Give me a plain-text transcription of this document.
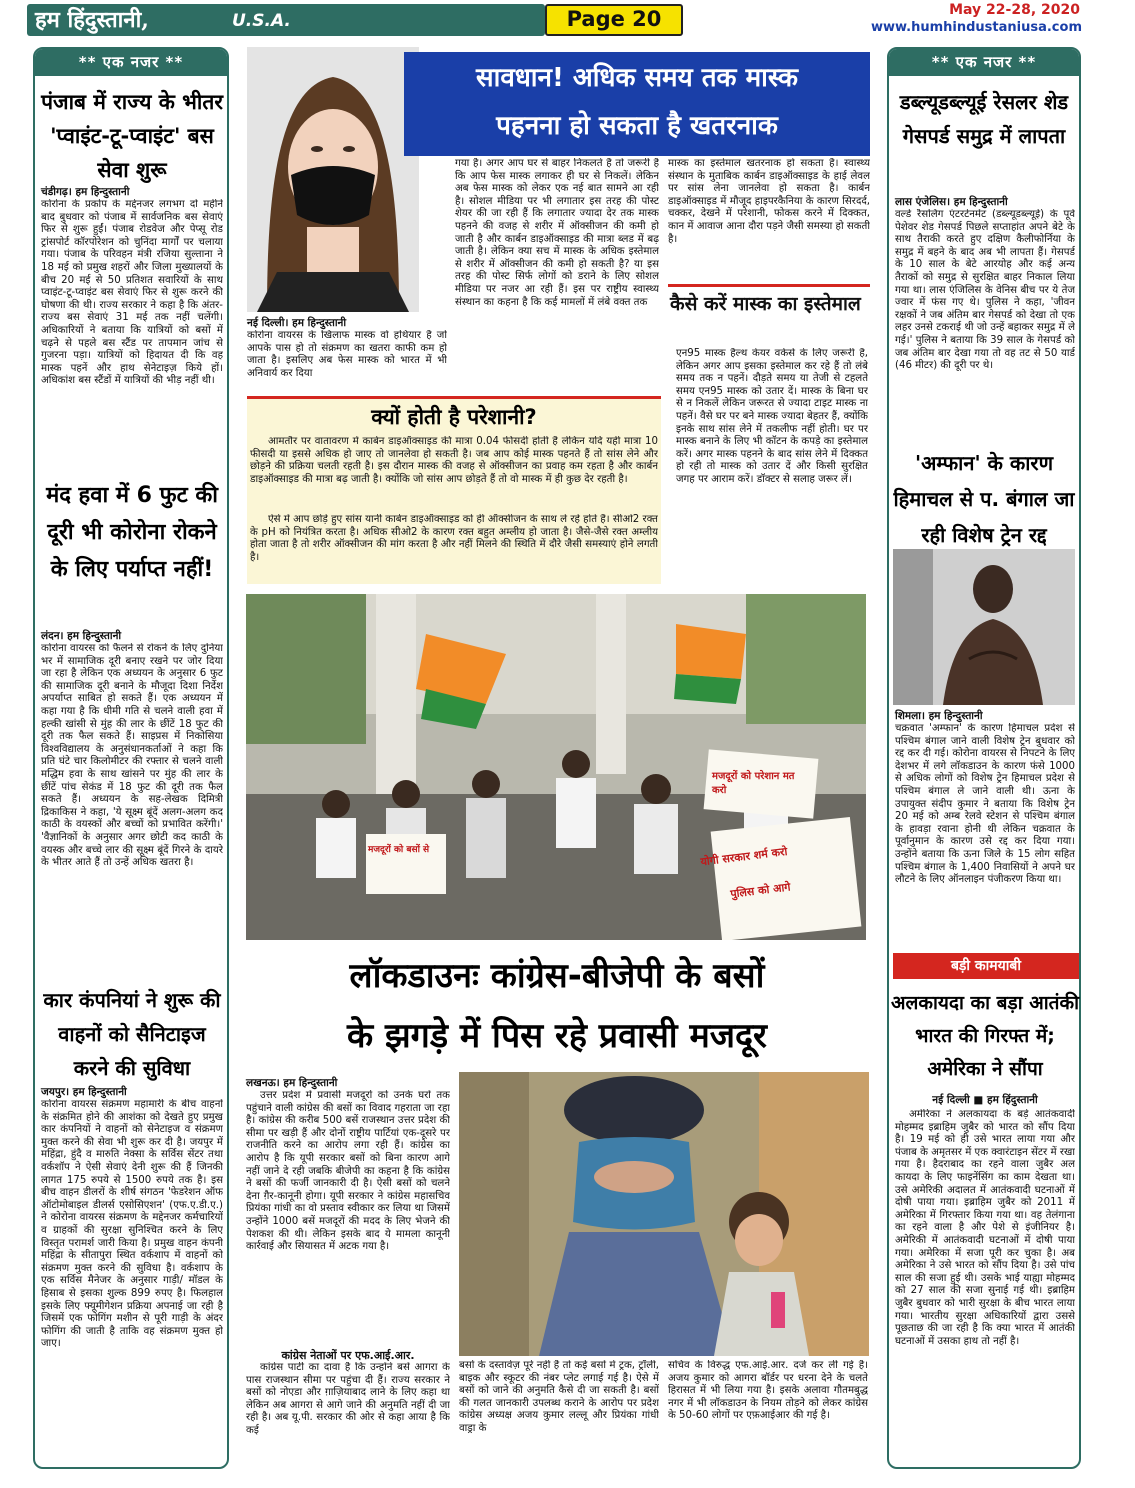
हम हिंदुस्तानी,	U.S.A.	Page 20	May 22-28, 2020
www.humhindustaniusa.com
** एक नजर **
पंजाब में राज्य के भीतर 'प्वाइंट-टू-प्वाइंट' बस सेवा शुरू
चंडीगढ़। हम हिन्दुस्तानी
कोरोना के प्रकोप के मद्देनजर लगभग दो महीने बाद बुधवार को पंजाब में सार्वजनिक बस सेवाएं फिर से शुरू हुईं। पंजाब रोडवेज और पेप्सू रोड ट्रांसपोर्ट कॉरपोरेशन को चुनिंदा मार्गों पर चलाया गया। पंजाब के परिवहन मंत्री रजिया सुल्ताना ने 18 मई को प्रमुख शहरों और जिला मुख्यालयों के बीच 20 मई से 50 प्रतिशत सवारियों के साथ प्वाइंट-टू-प्वाइंट बस सेवाएं फिर से शुरू करने की घोषणा की थी। राज्य सरकार ने कहा है कि अंतर-राज्य बस सेवाएं 31 मई तक नहीं चलेंगी। अधिकारियों ने बताया कि यात्रियों को बसों में चढ़ने से पहले बस स्टैंड पर तापमान जांच से गुजरना पड़ा। यात्रियों को हिदायत दी कि वह मास्क पहनें और हाथ सेनेटाइज़ किये हों। अधिकांश बस स्टैंडों में यात्रियों की भीड़ नहीं थी।
मंद हवा में 6 फुट की दूरी भी कोरोना रोकने के लिए पर्याप्त नहीं!
लंदन। हम हिन्दुस्तानी
कोरोना वायरस को फैलने से रोकने के लिए दुनिया भर में सामाजिक दूरी बनाए रखने पर जोर दिया जा रहा है लेकिन एक अध्ययन के अनुसार 6 फुट की सामाजिक दूरी बनाने के मौजूदा दिशा निर्देश अपर्याप्त साबित हो सकते हैं। एक अध्ययन में कहा गया है कि धीमी गति से चलने वाली हवा में हल्की खांसी से मुंह की लार के छींटें 18 फुट की दूरी तक फैल सकते हैं। साइप्रस में निकोसिया विश्वविद्यालय के अनुसंधानकर्ताओं ने कहा कि प्रति घंटे चार किलोमीटर की रफ्तार से चलने वाली मद्धिम हवा के साथ खांसने पर मुंह की लार के छींटें पांच सेकंड में 18 फुट की दूरी तक फैल सकते हैं। अध्ययन के सह-लेखक दिमित्री द्रिकाकिस ने कहा, 'ये सूक्ष्म बूंदें अलग-अलग कद काठी के वयस्कों और बच्चों को प्रभावित करेंगी।' 'वैज्ञानिकों के अनुसार अगर छोटी कद काठी के वयस्क और बच्चे लार की सूक्ष्म बूंदें गिरने के दायरे के भीतर आते हैं तो उन्हें अधिक खतरा है।
कार कंपनियां ने शुरू की वाहनों को सैनिटाइज करने की सुविधा
जयपुर। हम हिन्दुस्तानी
कोरोना वायरस संक्रमण महामारी के बीच वाहनों के संक्रमित होने की आशंका को देखते हुए प्रमुख कार कंपनियों ने वाहनों को सेनेटाइज व संक्रमण मुक्त करने की सेवा भी शुरू कर दी है। जयपुर में महिंद्रा, हुंदै व मारुति नेक्सा के सर्विस सेंटर तथा वर्कशॉप ने ऐसी सेवाएं देनी शुरू की हैं जिनकी लागत 175 रुपये से 1500 रुपये तक है। इस बीच वाहन डीलरों के शीर्ष संगठन 'फेडरेशन ऑफ ऑटोमोबाइल डीलर्स एसोसिएशन' (एफ.ए.डी.ए.) ने कोरोना वायरस संक्रमण के मद्देनजर कर्मचारियों व ग्राहकों की सुरक्षा सुनिश्चित करने के लिए विस्तृत परामर्श जारी किया है। प्रमुख वाहन कंपनी महिंद्रा के सीतापुरा स्थित वर्कशाप में वाहनों को संक्रमण मुक्त करने की सुविधा है। वर्कशाप के एक सर्विस मैनेजर के अनुसार गाड़ी/ मॉडल के हिसाब से इसका शुल्क 899 रुपए है। फिलहाल इसके लिए फ्यूमीगेशन प्रक्रिया अपनाई जा रही है जिसमें एक फोगिंग मशीन से पूरी गाड़ी के अंदर फोगिंग की जाती है ताकि वह संक्रमण मुक्त हो जाए।
सावधान! अधिक समय तक मास्क
पहनना हो सकता है खतरनाक
नई दिल्ली। हम हिन्दुस्तानी
कोरोना वायरस के खिलाफ मास्क वो हथियार है जो आपके पास हो तो संक्रमण का खतरा काफी कम हो जाता है। इसलिए अब फेस मास्क को भारत में भी अनिवार्य कर दिया
गया है। अगर आप घर से बाहर निकलते हैं तो जरूरी है कि आप फेस मास्क लगाकर ही घर से निकलें। लेकिन अब फेस मास्क को लेकर एक नई बात सामने आ रही है। सोशल मीडिया पर भी लगातार इस तरह की पोस्ट शेयर की जा रही हैं कि लगातार ज्यादा देर तक मास्क पहनने की वजह से शरीर में ऑक्सीजन की कमी हो जाती है और कार्बन डाइऑक्साइड की मात्रा ब्लड में बढ़ जाती है। लेकिन क्या सच में मास्क के अधिक इस्तेमाल से शरीर में ऑक्सीजन की कमी हो सकती है? या इस तरह की पोस्ट सिर्फ लोगों को डराने के लिए सोशल मीडिया पर नजर आ रही हैं। इस पर राष्ट्रीय स्वास्थ्य संस्थान का कहना है कि कई मामलों में लंबे वक्त तक
मास्क का इस्तेमाल खतरनाक हो सकता है। स्वास्थ्य संस्थान के मुताबिक कार्बन डाइऑक्साइड के हाई लेवल पर सांस लेना जानलेवा हो सकता है। कार्बन डाइऑक्साइड में मौजूद हाइपरकैनिया के कारण सिरदर्द, चक्कर, देखने में परेशानी, फोकस करने में दिक्कत, कान में आवाज आना दौरा पड़ने जैसी समस्या हो सकती है।
कैसे करें मास्क का इस्तेमाल
एन95 मास्क हैल्थ केयर वर्कर्स के लिए जरूरी है, लेकिन अगर आप इसका इस्तेमाल कर रहे हैं तो लंबे समय तक न पहनें। दौड़ते समय या तेजी से टहलते समय एन95 मास्क को उतार दें। मास्क के बिना घर से न निकलें लेकिन जरूरत से ज्यादा टाइट मास्क ना पहनें। वैसे घर पर बने मास्क ज्यादा बेहतर हैं, क्योंकि इनके साथ सांस लेने में तकलीफ नहीं होती। घर पर मास्क बनाने के लिए भी कॉटन के कपड़े का इस्तेमाल करें। अगर मास्क पहनने के बाद सांस लेने में दिक्कत हो रही तो मास्क को उतार दें और किसी सुरक्षित जगह पर आराम करें। डॉक्टर से सलाह जरूर लें।
क्यों होती है परेशानी?
आमतौर पर वातावरण में कार्बन डाइऑक्साइड की मात्रा 0.04 फीसदी होती है लेकिन यदि यही मात्रा 10 फीसदी या इससे अधिक हो जाए तो जानलेवा हो सकती है। जब आप कोई मास्क पहनते हैं तो सांस लेने और छोड़ने की प्रक्रिया चलती रहती है। इस दौरान मास्क की वजह से ऑक्सीजन का प्रवाह कम रहता है और कार्बन डाइऑक्साइड की मात्रा बढ़ जाती है। क्योंकि जो सांस आप छोड़ते हैं तो वो मास्क में ही कुछ देर रहती है।
ऐसे में आप छोड़े हुए सांस यानी कार्बन डाइऑक्साइड को ही ऑक्सीजन के साथ ले रहे होते हैं। सीओ2 रक्त के pH को नियंत्रित करता है। अधिक सीओ2 के कारण रक्त बहुत अम्लीय हो जाता है। जैसे-जैसे रक्त अम्लीय होता जाता है तो शरीर ऑक्सीजन की मांग करता है और नहीं मिलने की स्थिति में दौरे जैसी समस्याएं होने लगती है।
योगी सरकार शर्म करो
मजदूरों को परेशान मत करो
मजदूरों को बसों से
पुलिस को आगे
लॉकडाउनः कांग्रेस-बीजेपी के बसों
के झगड़े में पिस रहे प्रवासी मजदूर
लखनऊ। हम हिन्दुस्तानी
उत्तर प्रदेश में प्रवासी मजदूरों को उनके घरों तक पहुंचाने वाली कांग्रेस की बसों का विवाद गहराता जा रहा है। कांग्रेस की करीब 500 बसें राजस्थान उत्तर प्रदेश की सीमा पर खड़ी हैं और दोनों राष्ट्रीय पार्टियां एक-दूसरे पर राजनीति करने का आरोप लगा रही हैं। कांग्रेस का आरोप है कि यूपी सरकार बसों को बिना कारण आगे नहीं जाने दे रही जबकि बीजेपी का कहना है कि कांग्रेस ने बसों की फर्जी जानकारी दी है। ऐसी बसों को चलने देना ग़ैर-कानूनी होगा। यूपी सरकार ने कांग्रेस महासचिव प्रियंका गांधी का वो प्रस्ताव स्वीकार कर लिया था जिसमें उन्होंने 1000 बसें मजदूरों की मदद के लिए भेजने की पेशकश की थी। लेकिन इसके बाद ये मामला कानूनी कार्रवाई और सियासत में अटक गया है।
कांग्रेस नेताओं पर एफ.आई.आर.
कांग्रेस पार्टी का दावा है कि उन्होंने बसें आगरा के पास राजस्थान सीमा पर पहुंचा दी हैं। राज्य सरकार ने बसों को नोएडा और ग़ाज़ियाबाद लाने के लिए कहा था लेकिन अब आगरा से आगे जाने की अनुमति नहीं दी जा रही है। अब यू.पी. सरकार की ओर से कहा आया है कि कई
बसों के दस्तावेज़ पूरे नहीं हैं तो कई बसों में ट्रक, ट्रॉली, बाइक और स्कूटर की नंबर प्लेट लगाई गई है। ऐसे में बसों को जाने की अनुमति कैसे दी जा सकती है। बसों की गलत जानकारी उपलब्ध कराने के आरोप पर प्रदेश कांग्रेस अध्यक्ष अजय कुमार लल्लू और प्रियंका गांधी वाड्रा के
सचिव के विरुद्ध एफ.आई.आर. दर्ज कर ली गई है। अजय कुमार को आगरा बॉर्डर पर धरना देने के चलते हिरासत में भी लिया गया है। इसके अलावा गौतमबुद्ध नगर में भी लॉकडाउन के नियम तोड़ने को लेकर कांग्रेस के 50-60 लोगों पर एफ़आईआर की गई है।
** एक नजर **
डब्ल्यूडब्ल्यूई रेसलर शेड गेसपर्ड समुद्र में लापता
लास एंजेलिस। हम हिन्दुस्तानी
वर्ल्ड रैसलिंग एंटरटेनमेंट (डब्ल्यूडब्ल्यूई) के पूर्व पेशेवर शेड गेसपर्ड पिछले सप्ताहांत अपने बेटे के साथ तैराकी करते हुए दक्षिण कैलीफोर्निया के समुद्र में बहने के बाद अब भी लापता हैं। गेसपर्ड के 10 साल के बेटे आरयोह और कई अन्य तैराकों को समुद्र से सुरक्षित बाहर निकाल लिया गया था। लास एंजिलिस के वेनिस बीच पर ये तेज ज्वार में फंस गए थे। पुलिस ने कहा, 'जीवन रक्षकों ने जब अंतिम बार गेसपर्ड को देखा तो एक लहर उनसे टकराई थी जो उन्हें बहाकर समुद्र में ले गई।' पुलिस ने बताया कि 39 साल के गेसपर्ड को जब अंतिम बार देखा गया तो वह तट से 50 यार्ड (46 मीटर) की दूरी पर थे।
'अम्फान' के कारण हिमाचल से प. बंगाल जा रही विशेष ट्रेन रद्द
शिमला। हम हिन्दुस्तानी
चक्रवात 'अम्फान' के कारण हिमाचल प्रदेश से पश्चिम बंगाल जाने वाली विशेष ट्रेन बुधवार को रद्द कर दी गई। कोरोना वायरस से निपटने के लिए देशभर में लगे लॉकडाउन के कारण फंसे 1000 से अधिक लोगों को विशेष ट्रेन हिमाचल प्रदेश से पश्चिम बंगाल ले जाने वाली थी। ऊना के उपायुक्त संदीप कुमार ने बताया कि विशेष ट्रेन 20 मई को अम्ब रेलवे स्टेशन से पश्चिम बंगाल के हावड़ा रवाना होनी थी लेकिन चक्रवात के पूर्वानुमान के कारण उसे रद्द कर दिया गया। उन्होंने बताया कि ऊना जिले के 15 लोग सहित पश्चिम बंगाल के 1,400 निवासियों ने अपने घर लौटने के लिए ऑनलाइन पंजीकरण किया था।
बड़ी कामयाबी
अलकायदा का बड़ा आतंकी भारत की गिरफ्त में; अमेरिका ने सौंपा
नई दिल्ली ■ हम हिंदुस्तानी
अमेरिका ने अलकायदा के बड़े आतंकवादी मोहम्मद इब्राहिम जुबैर को भारत को सौंप दिया है। 19 मई को ही उसे भारत लाया गया और पंजाब के अमृतसर में एक क्वारंटाइन सेंटर में रखा गया है। हैदराबाद का रहने वाला जुबैर अल कायदा के लिए फाइनेंसिंग का काम देखता था। उसे अमेरिकी अदालत में आतंकवादी घटनाओं में दोषी पाया गया। इब्राहिम जुबैर को 2011 में अमेरिका में गिरफ्तार किया गया था। वह तेलंगाना का रहने वाला है और पेशे से इंजीनियर है। अमेरिकी में आतंकवादी घटनाओं में दोषी पाया गया। अमेरिका में सजा पूरी कर चुका है। अब अमेरिका ने उसे भारत को सौंप दिया है। उसे पांच साल की सजा हुई थी। उसके भाई याह्या मोहम्मद को 27 साल की सजा सुनाई गई थी। इब्राहिम जुबैर बुधवार को भारी सुरक्षा के बीच भारत लाया गया। भारतीय सुरक्षा अधिकारियों द्वारा उससे पूछताछ की जा रही है कि क्या भारत में आतंकी घटनाओं में उसका हाथ तो नहीं है।
